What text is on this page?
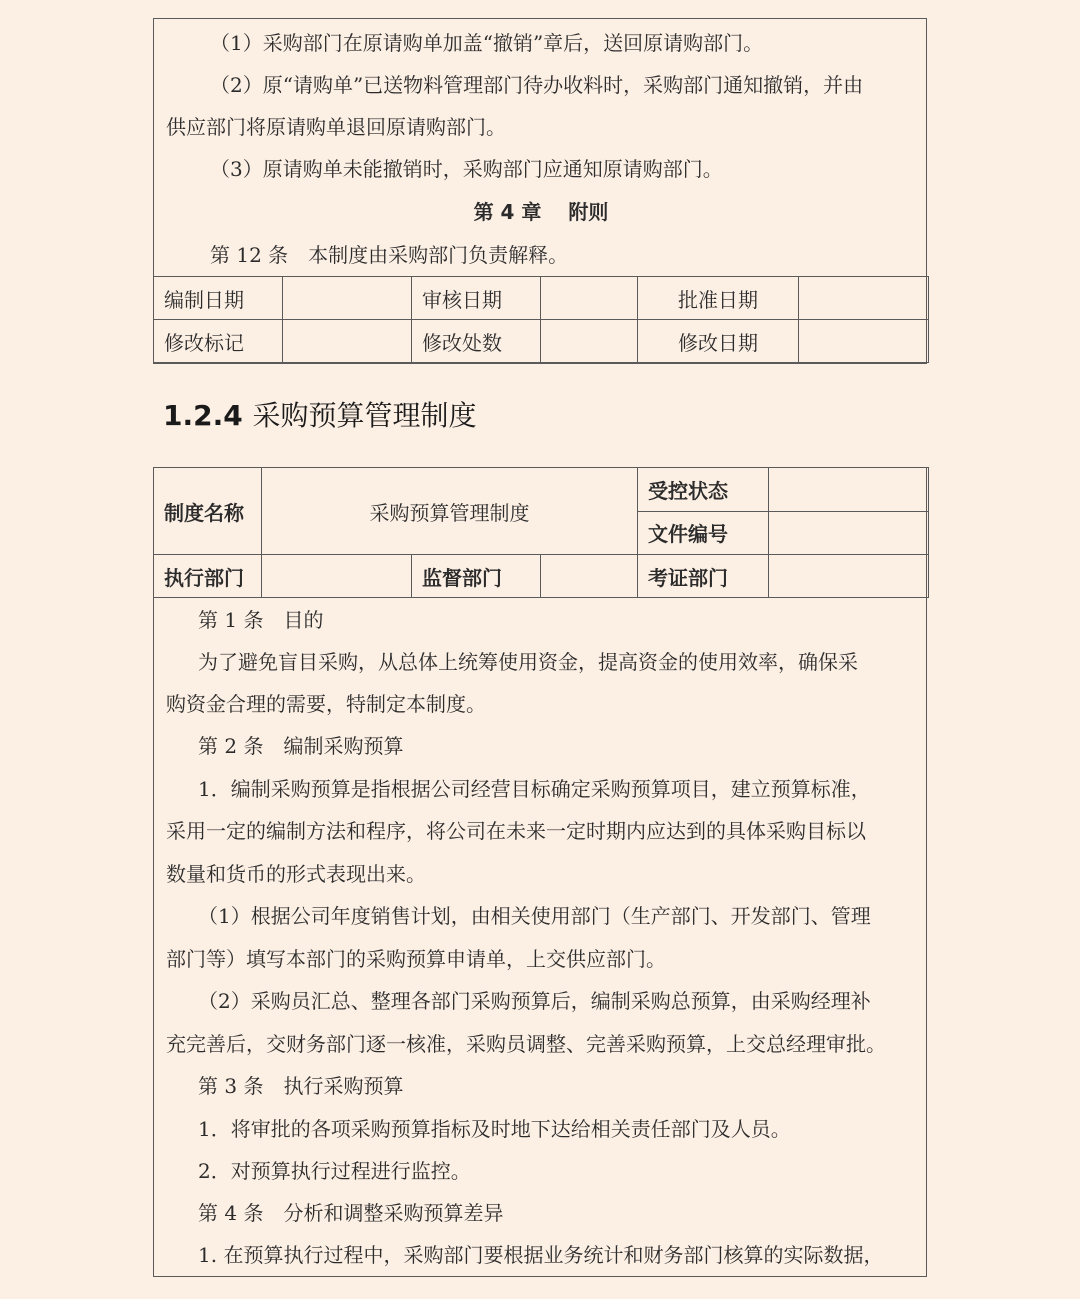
（1）采购部门在原请购单加盖“撤销”章后，送回原请购部门。
（2）原“请购单”已送物料管理部门待办收料时，采购部门通知撤销，并由
供应部门将原请购单退回原请购部门。
（3）原请购单未能撤销时，采购部门应通知原请购部门。
第 4 章　 附则
第 12 条　本制度由采购部门负责解释。
编制日期		审核日期		批准日期	
修改标记		修改处数		修改日期	
1.2.4 采购预算管理制度
制度名称	采购预算管理制度			受控状态	
				文件编号	
执行部门		监督部门		考证部门	
第 1 条　目的
为了避免盲目采购，从总体上统筹使用资金，提高资金的使用效率，确保采
购资金合理的需要，特制定本制度。
第 2 条　编制采购预算
1．编制采购预算是指根据公司经营目标确定采购预算项目，建立预算标准，
采用一定的编制方法和程序，将公司在未来一定时期内应达到的具体采购目标以
数量和货币的形式表现出来。
（1）根据公司年度销售计划，由相关使用部门（生产部门、开发部门、管理
部门等）填写本部门的采购预算申请单，上交供应部门。
（2）采购员汇总、整理各部门采购预算后，编制采购总预算，由采购经理补
充完善后，交财务部门逐一核准，采购员调整、完善采购预算，上交总经理审批。
第 3 条　执行采购预算
1．将审批的各项采购预算指标及时地下达给相关责任部门及人员。
2．对预算执行过程进行监控。
第 4 条　分析和调整采购预算差异
1. 在预算执行过程中，采购部门要根据业务统计和财务部门核算的实际数据，
